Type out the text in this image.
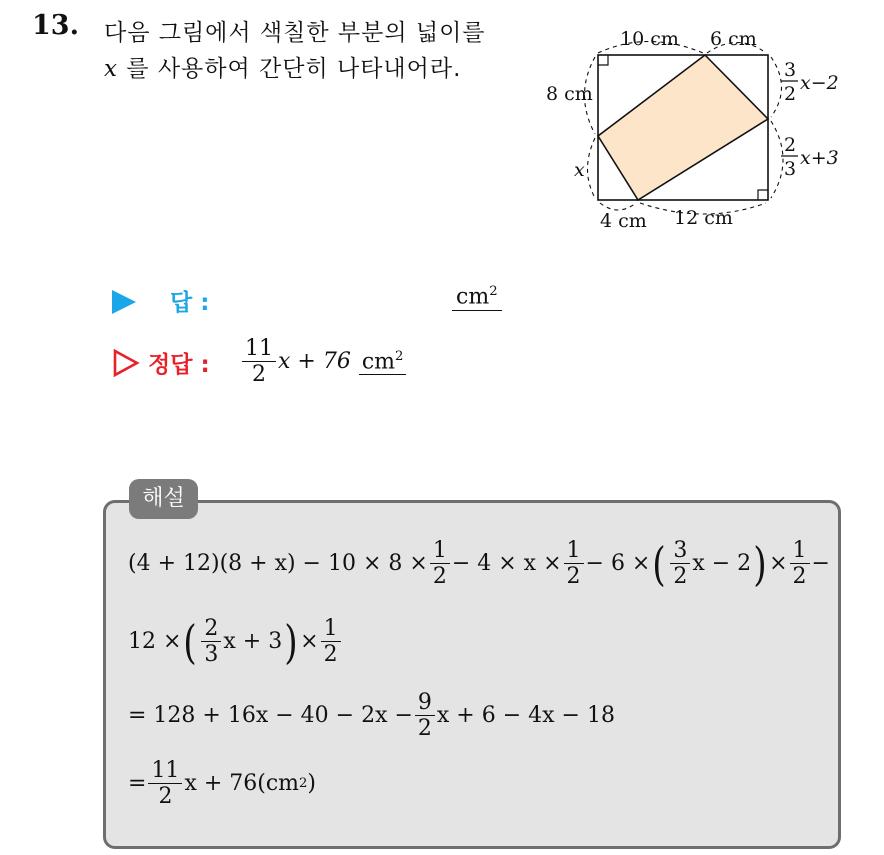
13. 다음 그림에서 색칠한 부분의 넓이를
x 를 사용하여 간단히 나타내어라.
10 cm 6 cm
8 cm
x
4 cm 12 cm
3
2 x−2
2
3 x+3
답 :	$cm^2$
정답 : $\frac{11}{2}$ x + 76 $cm^2$
해설
$(4 + 12)(8 + x) - 10 \times 8 \times \frac{1}{2} - 4 \times x \times \frac{1}{2} - 6$ × ( $\frac{3}{2}$ x − 2 ) × $\frac{1}{2}$ −
12 × ( $\frac{2}{3}$ x + 3 ) × $\frac{1}{2}$
= $128 + 16x - 40 - 2x - \frac{9}{2}$ x + 6 − 4x − 18
= $\frac{11}{2}$ x + 76(cm 2 )
